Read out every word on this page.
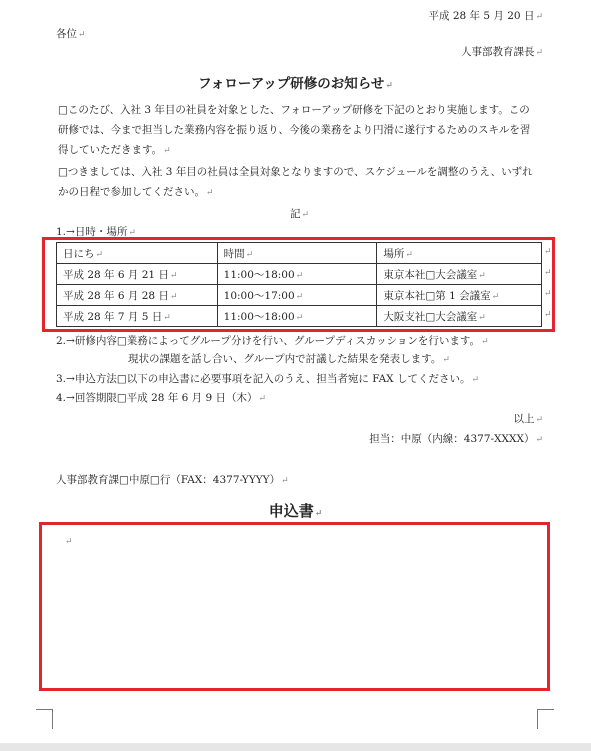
平成 28 年 5 月 20 日↵
各位↵
人事部教育課長↵
フォローアップ研修のお知らせ↵
□このたび、入社 3 年目の社員を対象とした、フォローアップ研修を下記のとおり実施します。この研修では、今まで担当した業務内容を振り返り、今後の業務をより円滑に遂行するためのスキルを習得していただきます。↵
□つきましては、入社 3 年目の社員は全員対象となりますので、スケジュールを調整のうえ、いずれかの日程で参加してください。↵
記↵
1.→日時・場所↵
日にち↵	時間↵	場所↵
平成 28 年 6 月 21 日↵	11:00～18:00↵	東京本社□大会議室↵
平成 28 年 6 月 28 日↵	10:00～17:00↵	東京本社□第 1 会議室↵
平成 28 年 7 月 5 日↵	11:00～18:00↵	大阪支社□大会議室↵
↵
↵
↵
↵
2.→研修内容□業務によってグループ分けを行い、グループディスカッションを行います。↵
現状の課題を話し合い、グループ内で討議した結果を発表します。↵
3.→申込方法□以下の申込書に必要事項を記入のうえ、担当者宛に FAX してください。↵
4.→回答期限□平成 28 年 6 月 9 日（木）↵
以上↵
担当：中原（内線：4377-XXXX）↵
人事部教育課□中原□行（FAX：4377-YYYY）↵
申込書↵
↵
